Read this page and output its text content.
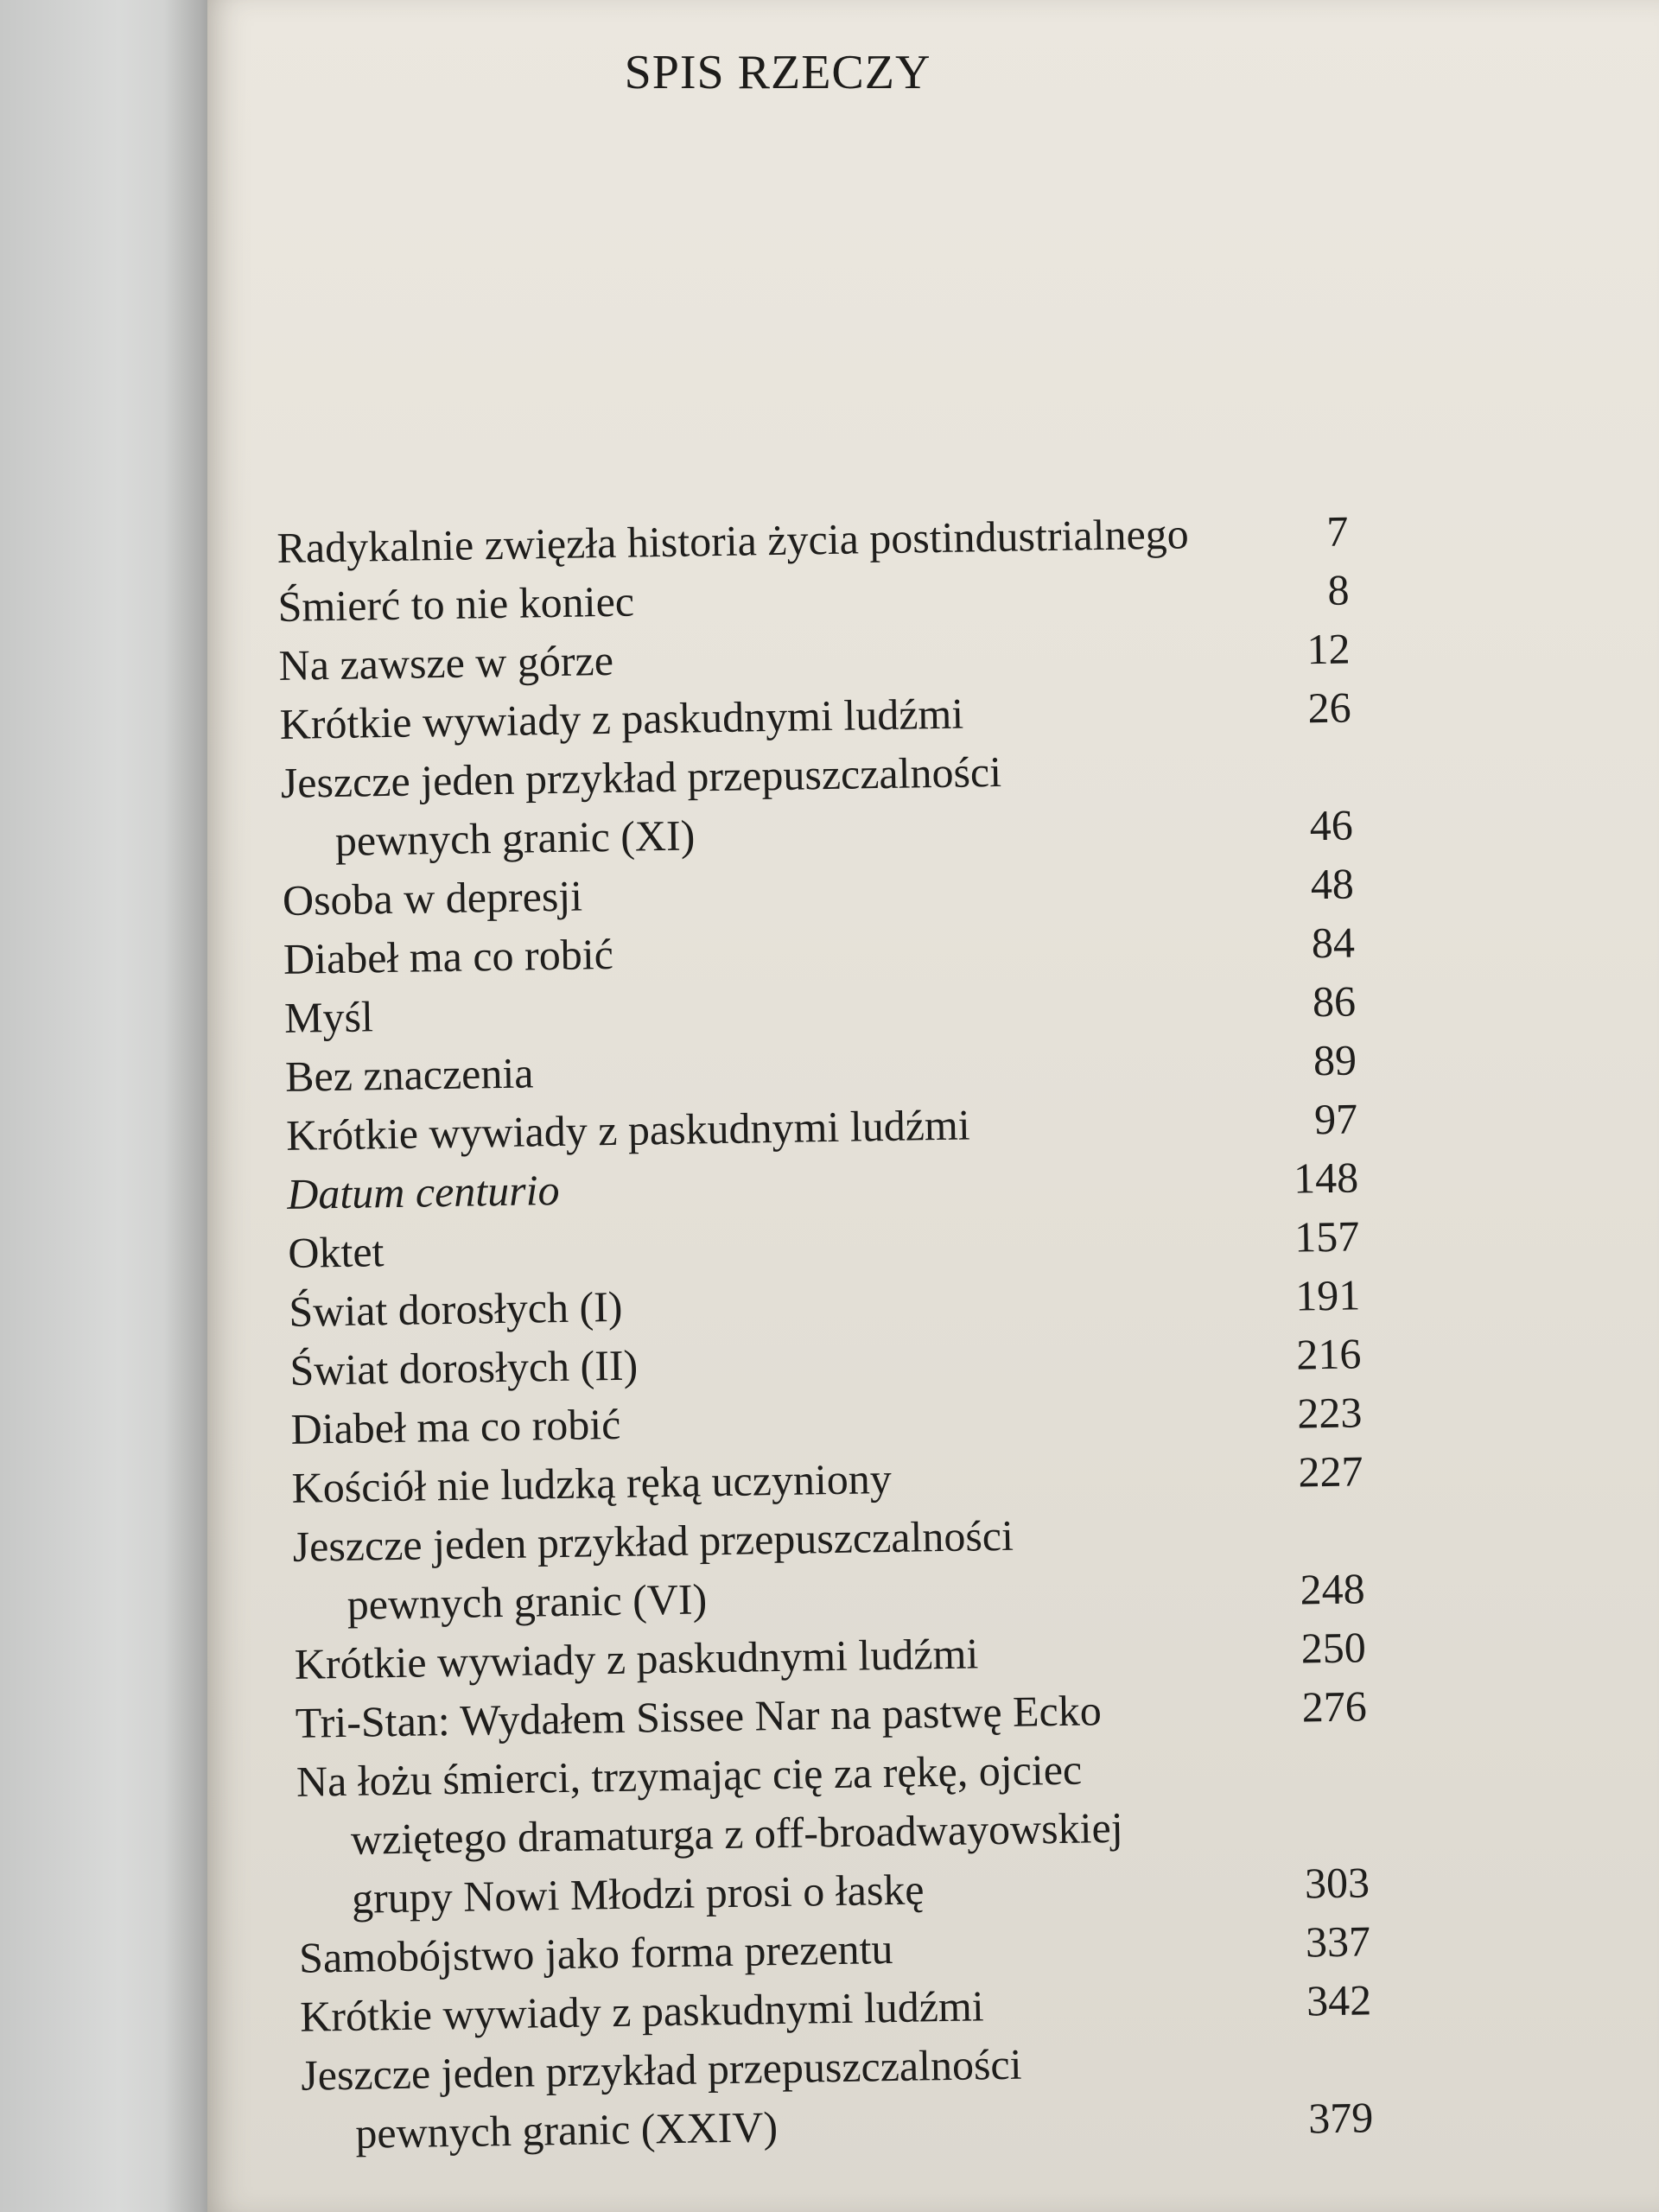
SPIS RZECZY
Radykalnie zwięzła historia życia postindustrialnego	7
Śmierć to nie koniec	8
Na zawsze w górze	12
Krótkie wywiady z paskudnymi ludźmi	26
Jeszcze jeden przykład przepuszczalności
pewnych granic (XI)	46
Osoba w depresji	48
Diabeł ma co robić	84
Myśl	86
Bez znaczenia	89
Krótkie wywiady z paskudnymi ludźmi	97
Datum centurio	148
Oktet	157
Świat dorosłych (I)	191
Świat dorosłych (II)	216
Diabeł ma co robić	223
Kościół nie ludzką ręką uczyniony	227
Jeszcze jeden przykład przepuszczalności
pewnych granic (VI)	248
Krótkie wywiady z paskudnymi ludźmi	250
Tri-Stan: Wydałem Sissee Nar na pastwę Ecko	276
Na łożu śmierci, trzymając cię za rękę, ojciec
wziętego dramaturga z off-broadwayowskiej
grupy Nowi Młodzi prosi o łaskę	303
Samobójstwo jako forma prezentu	337
Krótkie wywiady z paskudnymi ludźmi	342
Jeszcze jeden przykład przepuszczalności
pewnych granic (XXIV)	379
